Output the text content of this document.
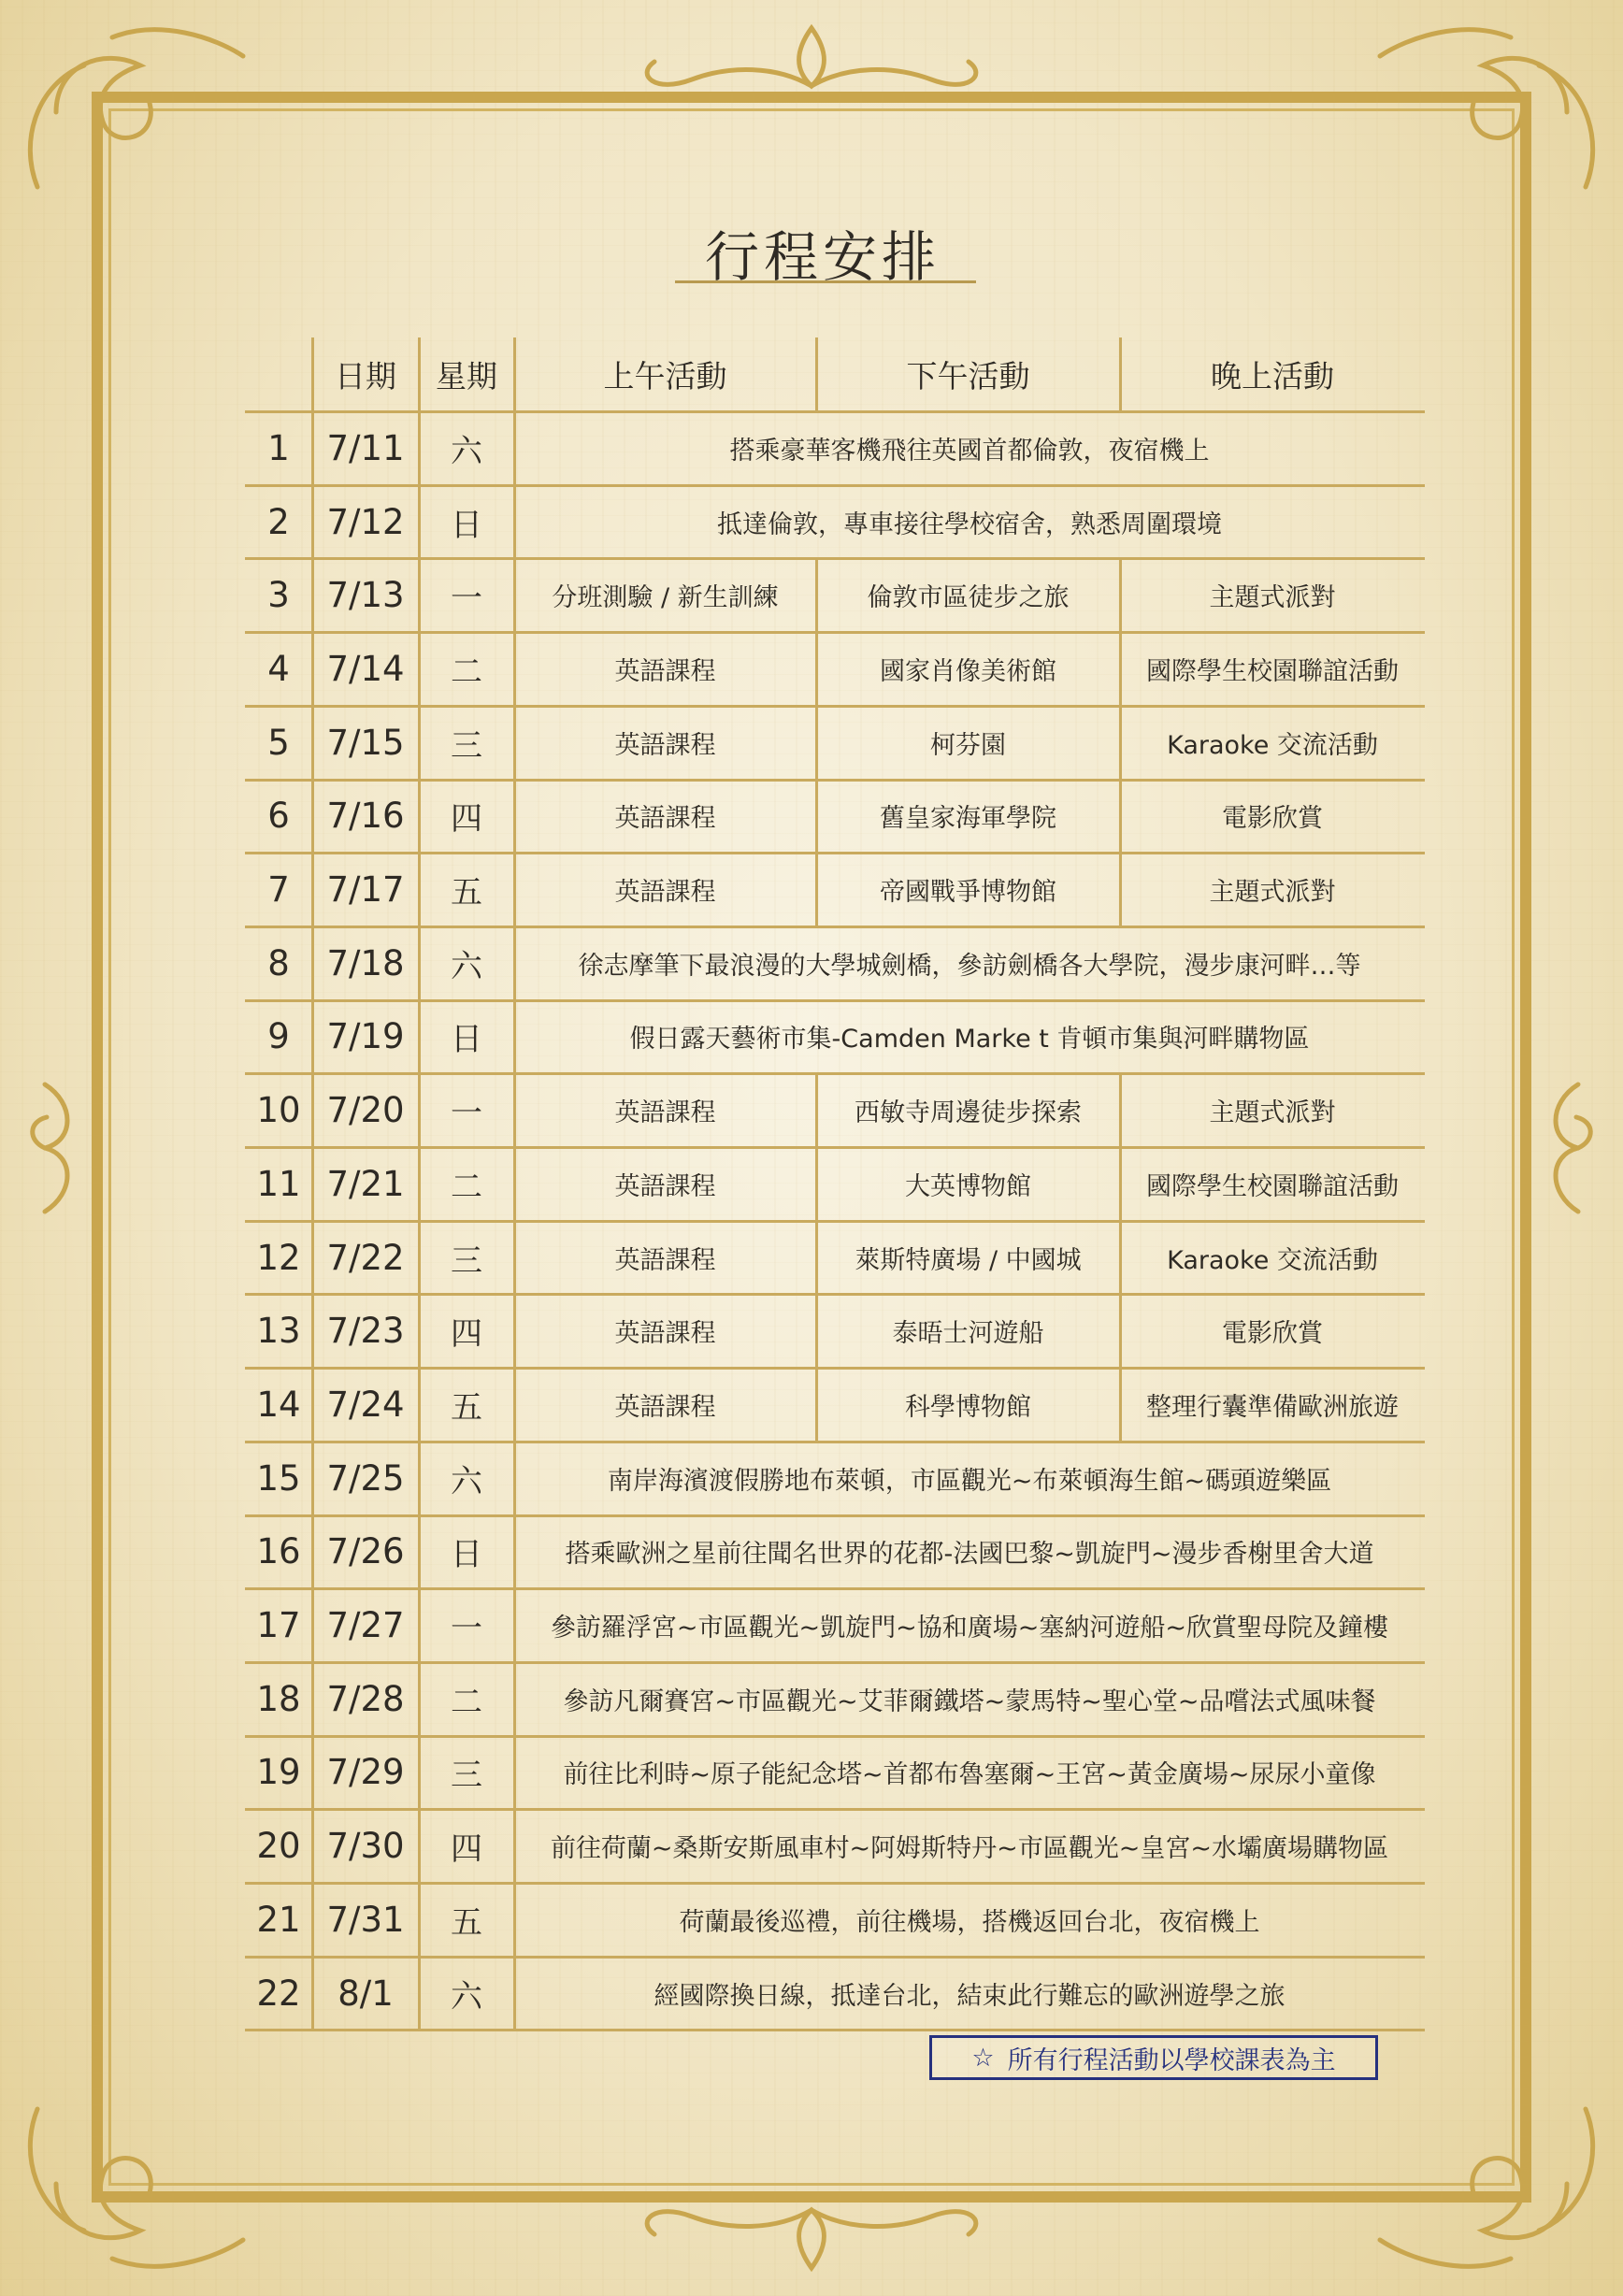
行程安排
日期	星期	上午活動	下午活動	晚上活動
1	7/11	六	搭乘豪華客機飛往英國首都倫敦，夜宿機上
2	7/12	日	抵達倫敦，專車接往學校宿舍，熟悉周圍環境
3	7/13	一	分班測驗 / 新生訓練	倫敦市區徒步之旅	主題式派對
4	7/14	二	英語課程	國家肖像美術館	國際學生校園聯誼活動
5	7/15	三	英語課程	柯芬園	Karaoke 交流活動
6	7/16	四	英語課程	舊皇家海軍學院	電影欣賞
7	7/17	五	英語課程	帝國戰爭博物館	主題式派對
8	7/18	六	徐志摩筆下最浪漫的大學城劍橋，參訪劍橋各大學院，漫步康河畔…等
9	7/19	日	假日露天藝術市集-Camden Marke t 肯頓市集與河畔購物區
10 7/20	一	英語課程	西敏寺周邊徒步探索	主題式派對
11 7/21	二	英語課程	大英博物館	國際學生校園聯誼活動
12 7/22	三	英語課程	萊斯特廣場 / 中國城	Karaoke 交流活動
13 7/23	四	英語課程	泰晤士河遊船	電影欣賞
14 7/24	五	英語課程	科學博物館	整理行囊準備歐洲旅遊
15 7/25	六	南岸海濱渡假勝地布萊頓，市區觀光~布萊頓海生館~碼頭遊樂區
16 7/26	日	搭乘歐洲之星前往聞名世界的花都-法國巴黎~凱旋門~漫步香榭里舍大道
17 7/27	一	參訪羅浮宮~市區觀光~凱旋門~協和廣場~塞納河遊船~欣賞聖母院及鐘樓
18 7/28	二	參訪凡爾賽宮~市區觀光~艾菲爾鐵塔~蒙馬特~聖心堂~品嚐法式風味餐
19 7/29	三	前往比利時~原子能紀念塔~首都布魯塞爾~王宮~黃金廣場~尿尿小童像
20 7/30	四	前往荷蘭~桑斯安斯風車村~阿姆斯特丹~市區觀光~皇宮~水壩廣場購物區
21 7/31	五	荷蘭最後巡禮，前往機場，搭機返回台北，夜宿機上
22	8/1	六	經國際換日線，抵達台北，結束此行難忘的歐洲遊學之旅
☆ 所有行程活動以學校課表為主
